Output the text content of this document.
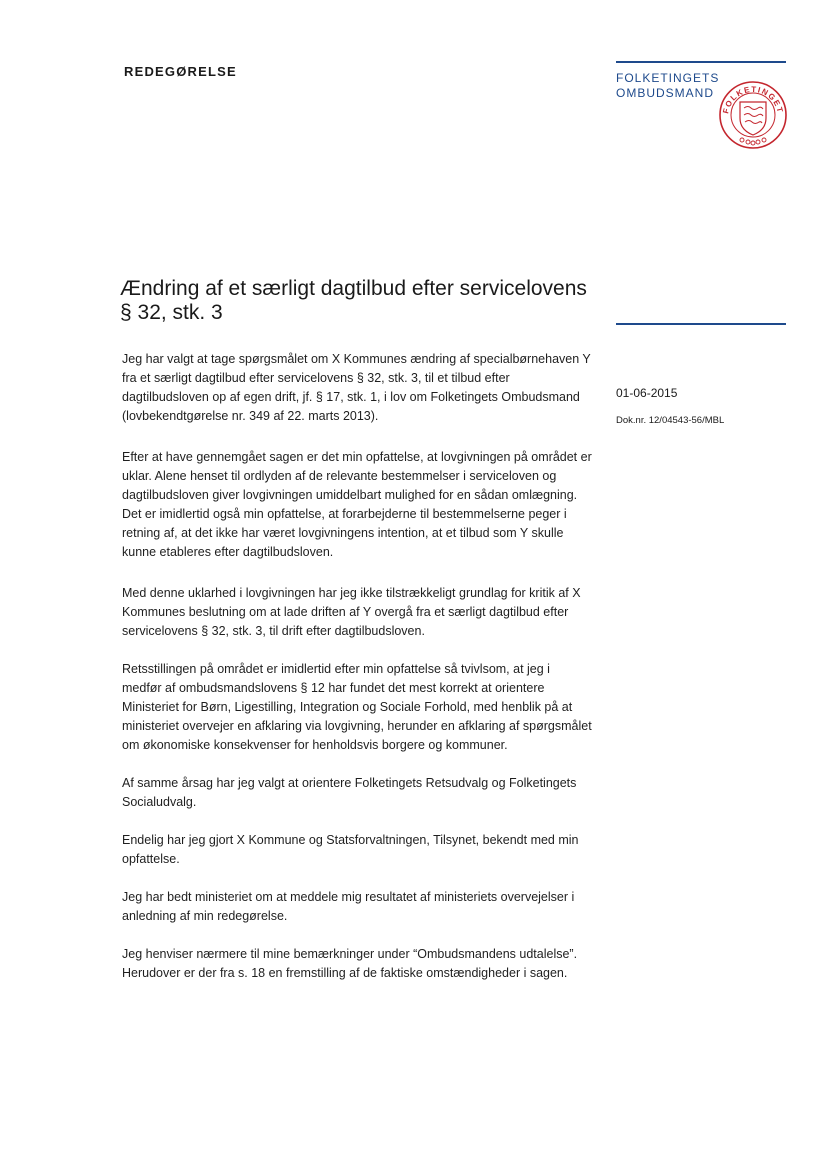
REDEGØRELSE	FOLKETINGETS
OMBUDSMAND
FOLKETINGET
Ændring af et særligt dagtilbud efter servicelovens § 32, stk. 3
01-06-2015
Dok.nr. 12/04543-56/MBL

Jeg har valgt at tage spørgsmålet om X Kommunes ændring af specialbørnehaven Y fra et særligt dagtilbud efter servicelovens § 32, stk. 3, til et tilbud efter dagtilbudsloven op af egen drift, jf. § 17, stk. 1, i lov om Folketingets Ombudsmand (lovbekendtgørelse nr. 349 af 22. marts 2013).

Efter at have gennemgået sagen er det min opfattelse, at lovgivningen på området er uklar. Alene henset til ordlyden af de relevante bestemmelser i serviceloven og dagtilbudsloven giver lovgivningen umiddelbart mulighed for en sådan omlægning. Det er imidlertid også min opfattelse, at forarbejderne til bestemmelserne peger i retning af, at det ikke har været lovgivningens intention, at et tilbud som Y skulle kunne etableres efter dagtilbudsloven.

Med denne uklarhed i lovgivningen har jeg ikke tilstrækkeligt grundlag for kritik af X Kommunes beslutning om at lade driften af Y overgå fra et særligt dagtilbud efter servicelovens § 32, stk. 3, til drift efter dagtilbudsloven.

Retsstillingen på området er imidlertid efter min opfattelse så tvivlsom, at jeg i medfør af ombudsmandslovens § 12 har fundet det mest korrekt at orientere Ministeriet for Børn, Ligestilling, Integration og Sociale Forhold, med henblik på at ministeriet overvejer en afklaring via lovgivning, herunder en afklaring af spørgsmålet om økonomiske konsekvenser for henholdsvis borgere og kommuner.

Af samme årsag har jeg valgt at orientere Folketingets Retsudvalg og Folketingets Socialudvalg.

Endelig har jeg gjort X Kommune og Statsforvaltningen, Tilsynet, bekendt med min opfattelse.

Jeg har bedt ministeriet om at meddele mig resultatet af ministeriets overvejelser i anledning af min redegørelse.

Jeg henviser nærmere til mine bemærkninger under “Ombudsmandens udtalelse”. Herudover er der fra s. 18 en fremstilling af de faktiske omstændigheder i sagen.
